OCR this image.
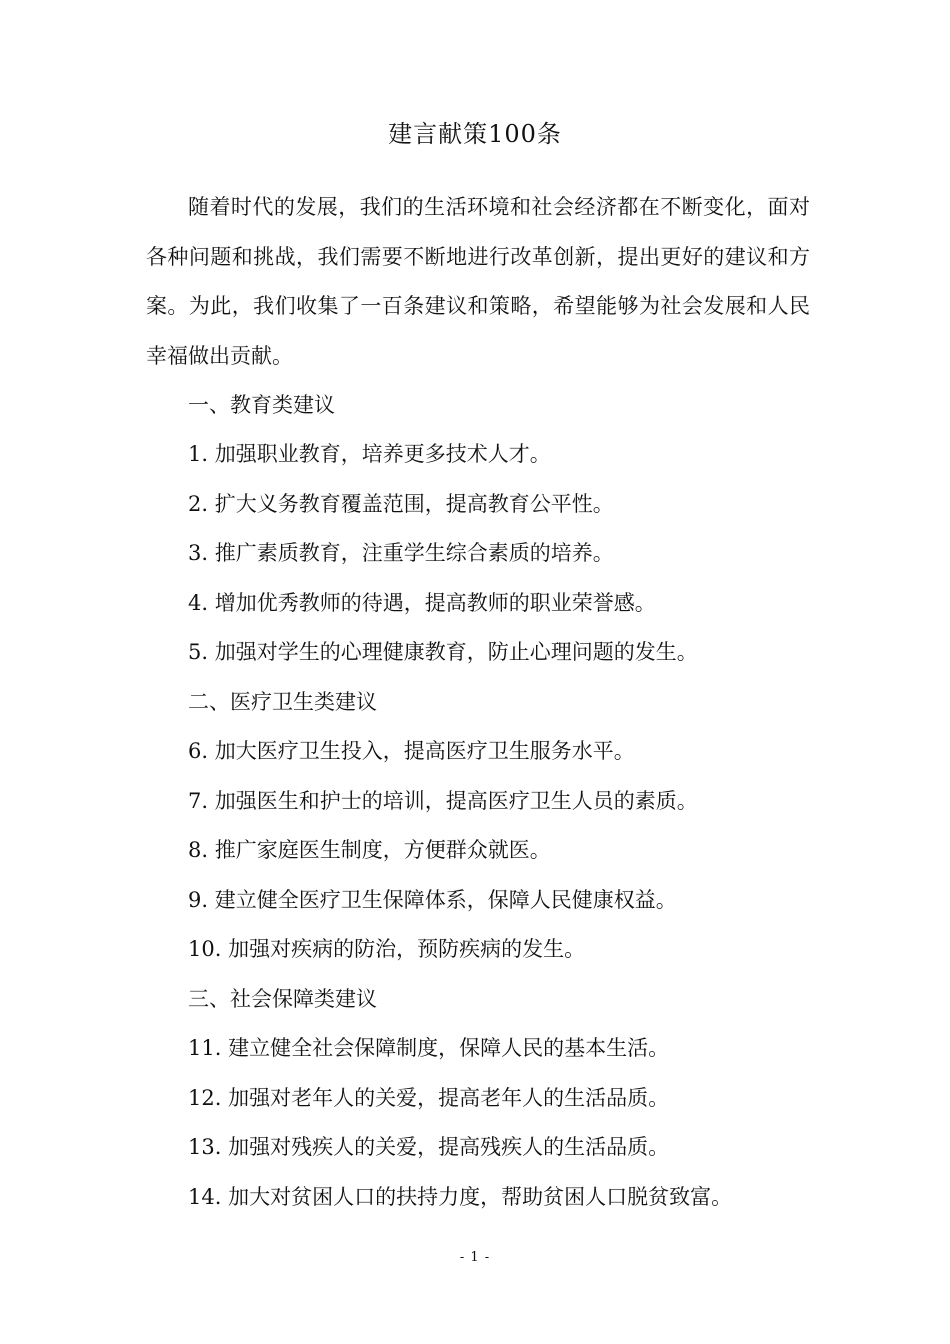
建言献策100条

随着时代的发展，我们的生活环境和社会经济都在不断变化，面对各种问题和挑战，我们需要不断地进行改革创新，提出更好的建议和方案。为此，我们收集了一百条建议和策略，希望能够为社会发展和人民幸福做出贡献。

一、教育类建议
1. 加强职业教育，培养更多技术人才。
2. 扩大义务教育覆盖范围，提高教育公平性。
3. 推广素质教育，注重学生综合素质的培养。
4. 增加优秀教师的待遇，提高教师的职业荣誉感。
5. 加强对学生的心理健康教育，防止心理问题的发生。
二、医疗卫生类建议
6. 加大医疗卫生投入，提高医疗卫生服务水平。
7. 加强医生和护士的培训，提高医疗卫生人员的素质。
8. 推广家庭医生制度，方便群众就医。
9. 建立健全医疗卫生保障体系，保障人民健康权益。
10. 加强对疾病的防治，预防疾病的发生。
三、社会保障类建议
11. 建立健全社会保障制度，保障人民的基本生活。
12. 加强对老年人的关爱，提高老年人的生活品质。
13. 加强对残疾人的关爱，提高残疾人的生活品质。
14. 加大对贫困人口的扶持力度，帮助贫困人口脱贫致富。
- 1 -
